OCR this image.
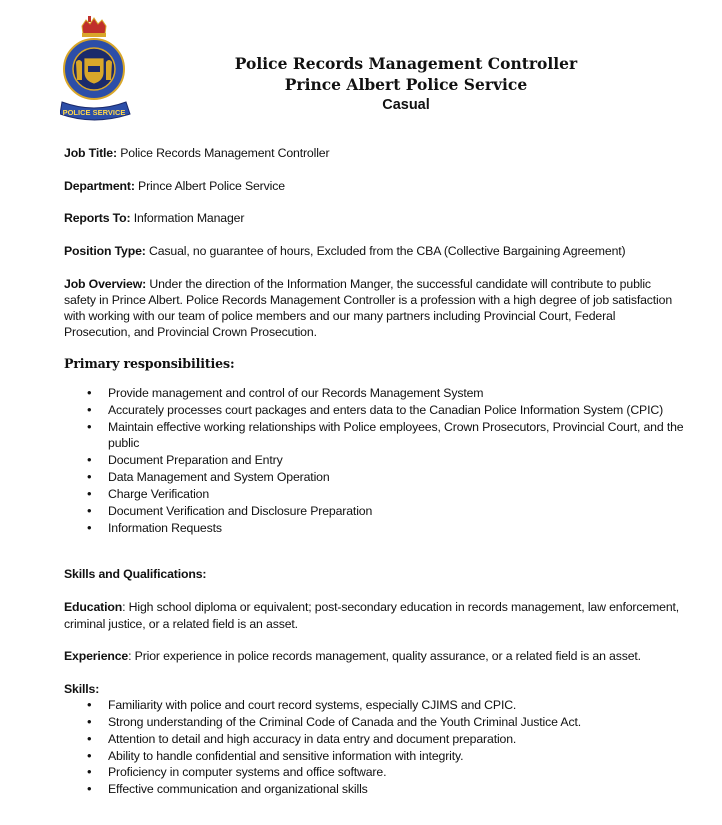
POLICE SERVICE
Police Records Management Controller
Prince Albert Police Service
Casual
Job Title: Police Records Management Controller
Department: Prince Albert Police Service
Reports To: Information Manager
Position Type: Casual, no guarantee of hours, Excluded from the CBA (Collective Bargaining Agreement)
Job Overview: Under the direction of the Information Manger, the successful candidate will contribute to public safety in Prince Albert. Police Records Management Controller is a profession with a high degree of job satisfaction with working with our team of police members and our many partners including Provincial Court, Federal Prosecution, and Provincial Crown Prosecution.
Primary responsibilities:
• Provide management and control of our Records Management System
• Accurately processes court packages and enters data to the Canadian Police Information System (CPIC)
• Maintain effective working relationships with Police employees, Crown Prosecutors, Provincial Court, and the public
• Document Preparation and Entry
• Data Management and System Operation
• Charge Verification
• Document Verification and Disclosure Preparation
• Information Requests
Skills and Qualifications:
Education: High school diploma or equivalent; post-secondary education in records management, law enforcement, criminal justice, or a related field is an asset.
Experience: Prior experience in police records management, quality assurance, or a related field is an asset.
Skills:
• Familiarity with police and court record systems, especially CJIMS and CPIC.
• Strong understanding of the Criminal Code of Canada and the Youth Criminal Justice Act.
• Attention to detail and high accuracy in data entry and document preparation.
• Ability to handle confidential and sensitive information with integrity.
• Proficiency in computer systems and office software.
• Effective communication and organizational skills
